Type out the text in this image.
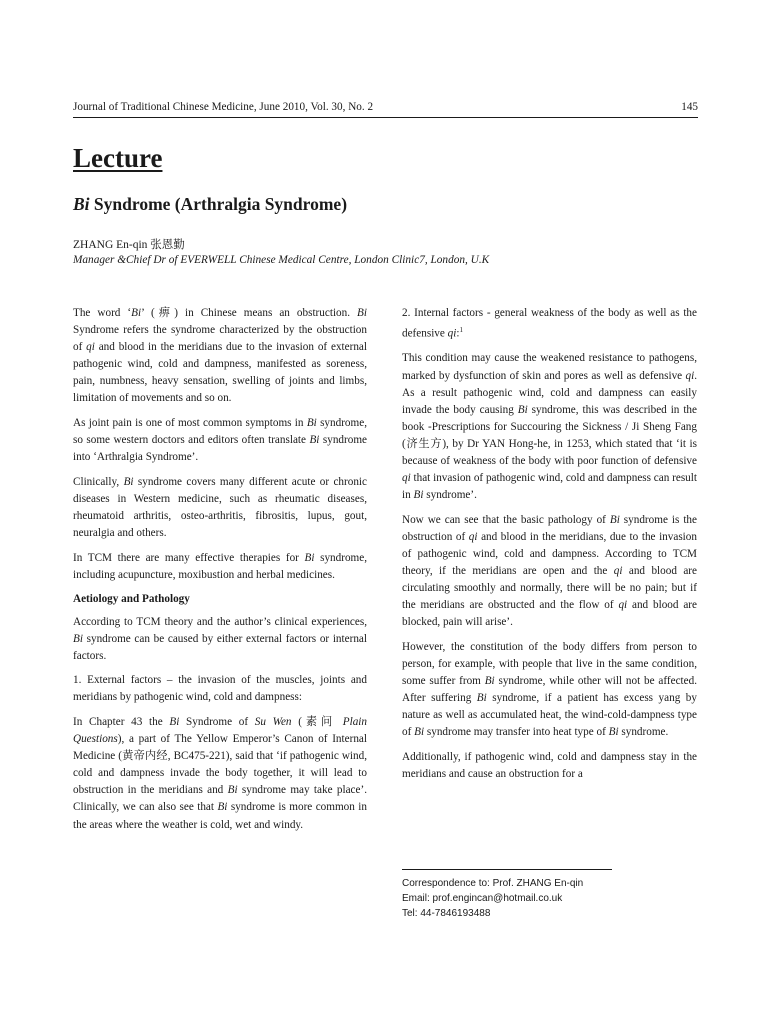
Journal of Traditional Chinese Medicine, June 2010, Vol. 30, No. 2	145
Lecture
Bi Syndrome (Arthralgia Syndrome)
ZHANG En-qin 张恩勤
Manager &Chief Dr of EVERWELL Chinese Medical Centre, London Clinic7, London, U.K

The word ‘Bi’ (痹) in Chinese means an obstruction. Bi Syndrome refers the syndrome characterized by the obstruction of qi and blood in the meridians due to the invasion of external pathogenic wind, cold and dampness, manifested as soreness, pain, numbness, heavy sensation, swelling of joints and limbs, limitation of movements and so on.

As joint pain is one of most common symptoms in Bi syndrome, so some western doctors and editors often translate Bi syndrome into ‘Arthralgia Syndrome’.

Clinically, Bi syndrome covers many different acute or chronic diseases in Western medicine, such as rheumatic diseases, rheumatoid arthritis, osteo-arthritis, fibrositis, lupus, gout, neuralgia and others.

In TCM there are many effective therapies for Bi syndrome, including acupuncture, moxibustion and herbal medicines.

Aetiology and Pathology

According to TCM theory and the author’s clinical experiences, Bi syndrome can be caused by either external factors or internal factors.

1. External factors – the invasion of the muscles, joints and meridians by pathogenic wind, cold and dampness:

In Chapter 43 the Bi Syndrome of Su Wen (素问 Plain Questions), a part of The Yellow Emperor’s Canon of Internal Medicine (黄帝内经, BC475-221), said that ‘if pathogenic wind, cold and dampness invade the body together, it will lead to obstruction in the meridians and Bi syndrome may take place’. Clinically, we can also see that Bi syndrome is more common in the areas where the weather is cold, wet and windy.

2. Internal factors - general weakness of the body as well as the defensive qi:$^1$

This condition may cause the weakened resistance to pathogens, marked by dysfunction of skin and pores as well as defensive qi. As a result pathogenic wind, cold and dampness can easily invade the body causing Bi syndrome, this was described in the book -Prescriptions for Succouring the Sickness / Ji Sheng Fang (济生方), by Dr YAN Hong-he, in 1253, which stated that ‘it is because of weakness of the body with poor function of defensive qi that invasion of pathogenic wind, cold and dampness can result in Bi syndrome’.

Now we can see that the basic pathology of Bi syndrome is the obstruction of qi and blood in the meridians, due to the invasion of pathogenic wind, cold and dampness. According to TCM theory, if the meridians are open and the qi and blood are circulating smoothly and normally, there will be no pain; but if the meridians are obstructed and the flow of qi and blood are blocked, pain will arise’.

However, the constitution of the body differs from person to person, for example, with people that live in the same condition, some suffer from Bi syndrome, while other will not be affected. After suffering Bi syndrome, if a patient has excess yang by nature as well as accumulated heat, the wind-cold-dampness type of Bi syndrome may transfer into heat type of Bi syndrome.

Additionally, if pathogenic wind, cold and dampness stay in the meridians and cause an obstruction for a

Correspondence to: Prof. ZHANG En-qin
Email: prof.engincan@hotmail.co.uk
Tel: 44-7846193488
